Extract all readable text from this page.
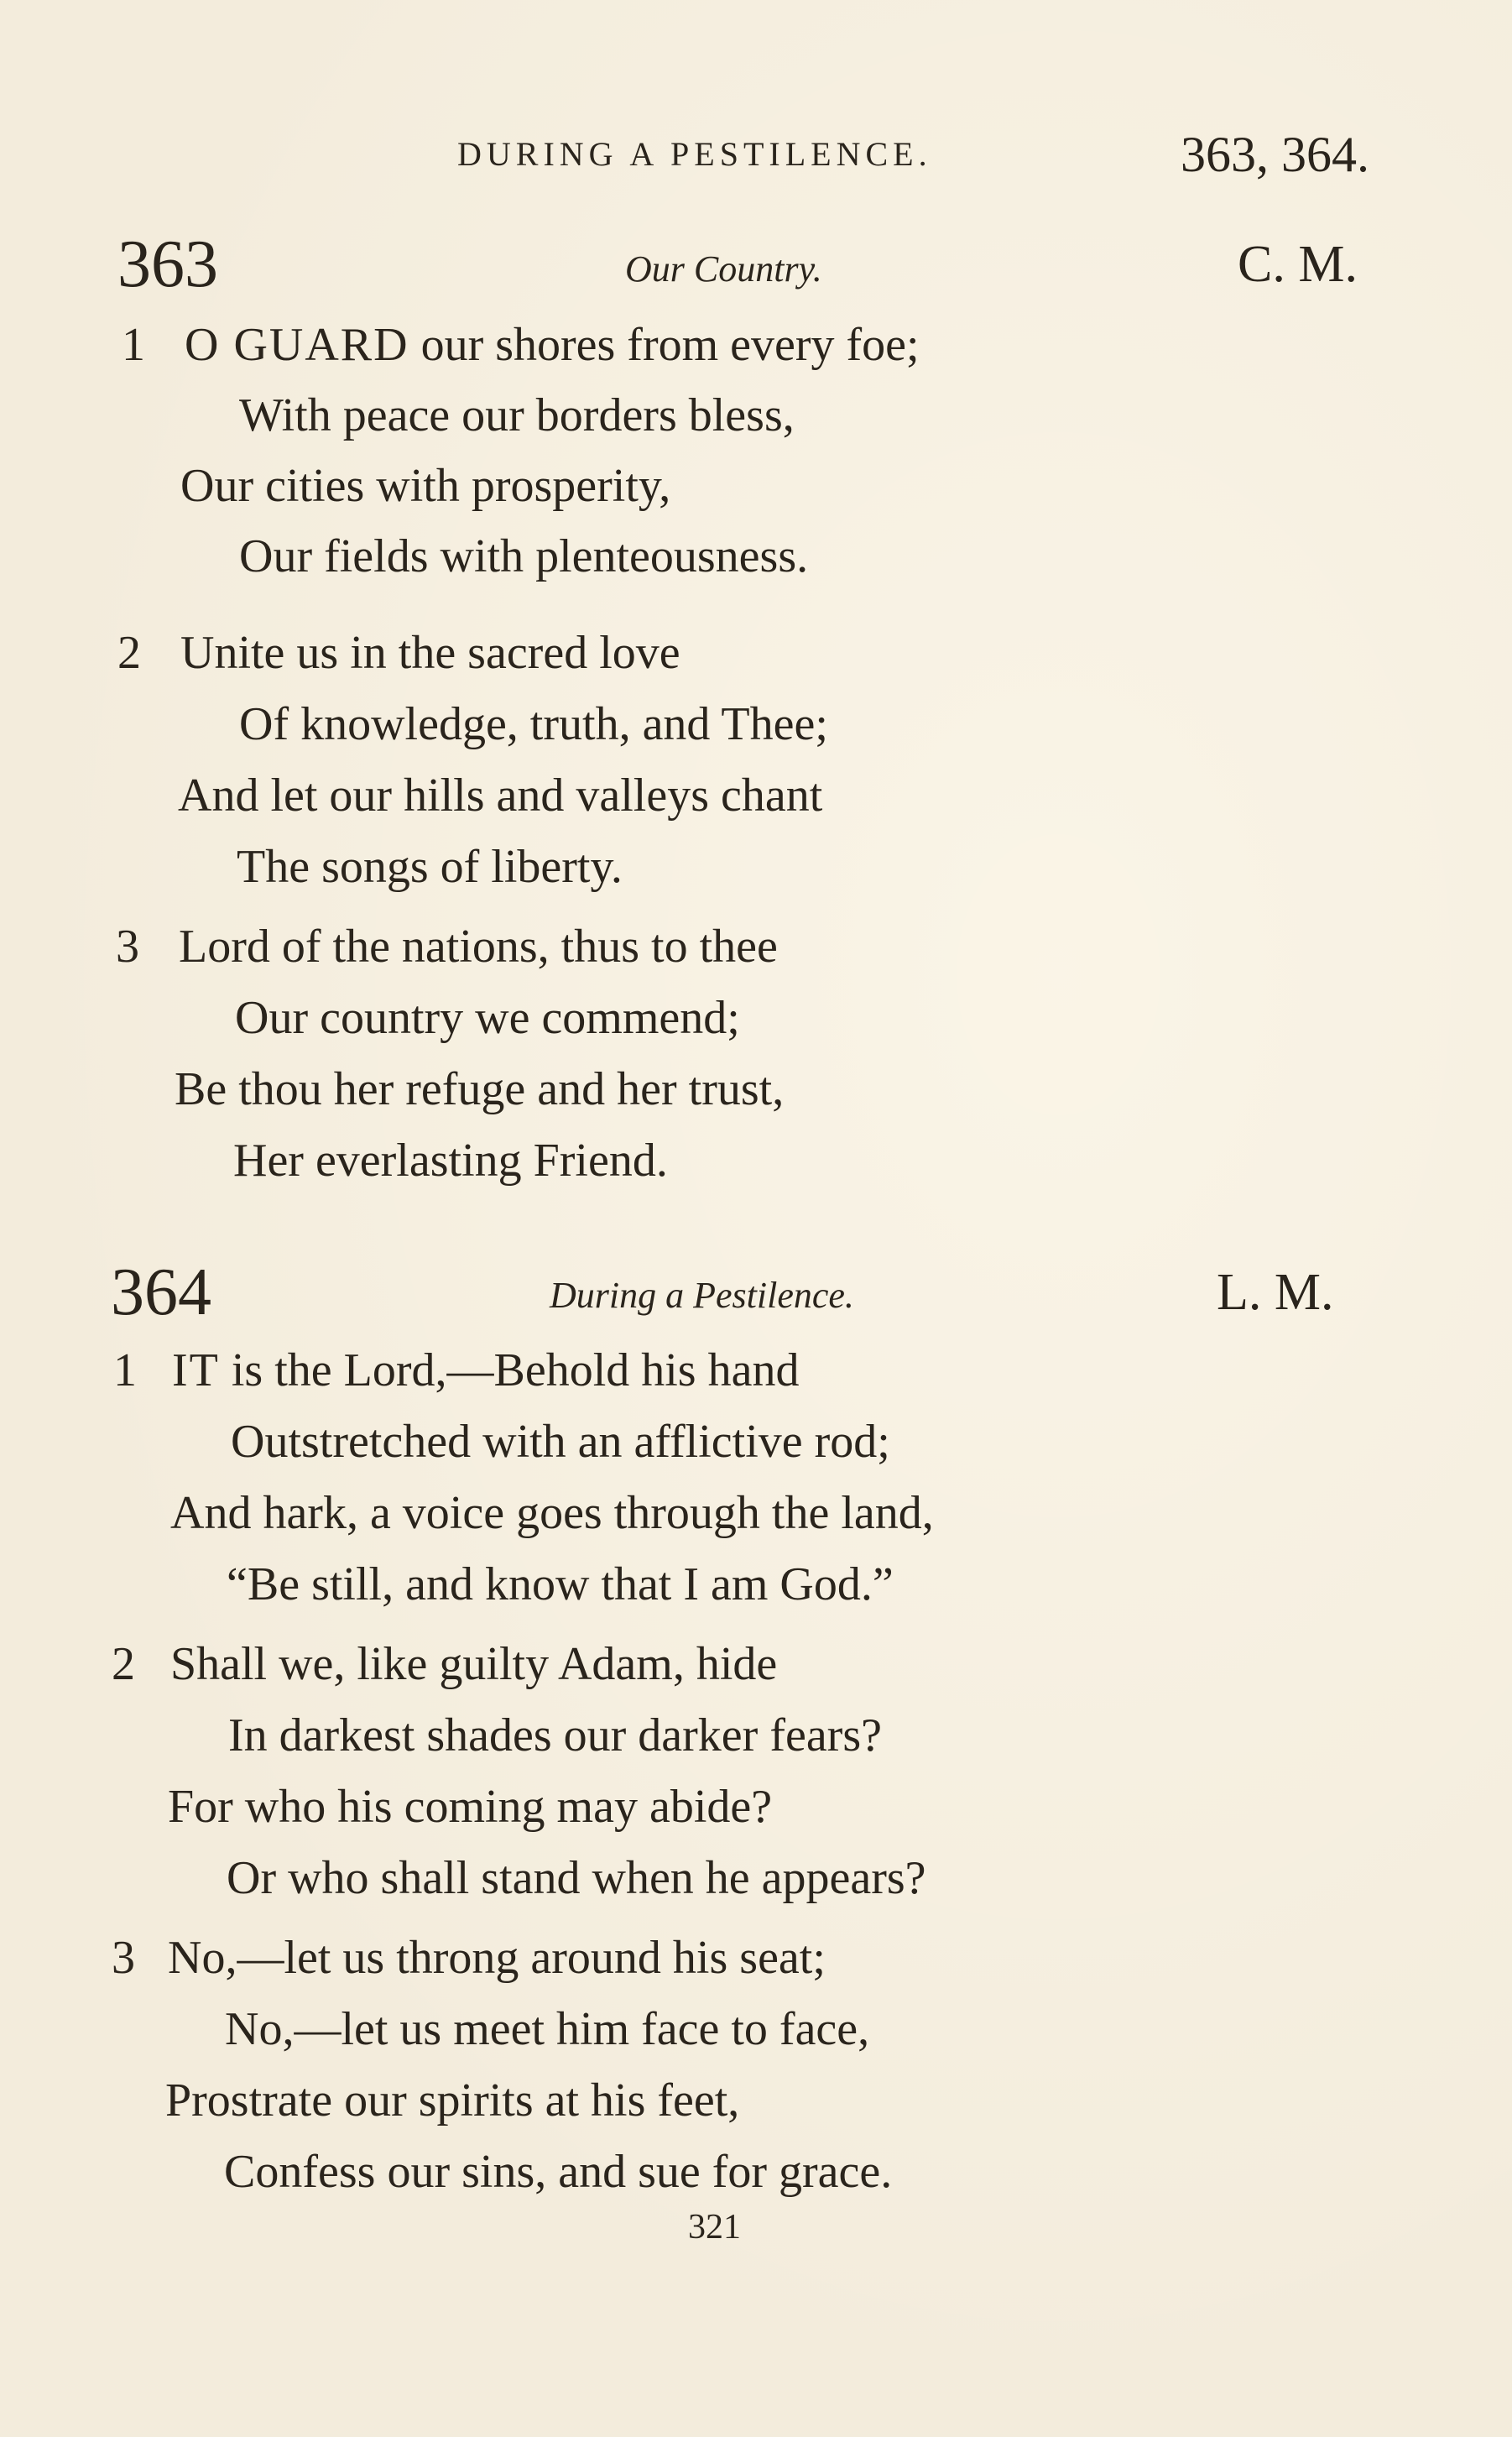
DURING A PESTILENCE.	363, 364.
363	Our Country.	C. M.
1 O GUARD our shores from every foe;
With peace our borders bless,
Our cities with prosperity,
Our fields with plenteousness.
2 Unite us in the sacred love
Of knowledge, truth, and Thee;
And let our hills and valleys chant
The songs of liberty.
3 Lord of the nations, thus to thee
Our country we commend;
Be thou her refuge and her trust,
Her everlasting Friend.
364	During a Pestilence.	L. M.
1 IT is the Lord,—Behold his hand
Outstretched with an afflictive rod;
And hark, a voice goes through the land,
“Be still, and know that I am God.”
2 Shall we, like guilty Adam, hide
In darkest shades our darker fears?
For who his coming may abide?
Or who shall stand when he appears?
3 No,—let us throng around his seat;
No,—let us meet him face to face,
Prostrate our spirits at his feet,
Confess our sins, and sue for grace.
321
